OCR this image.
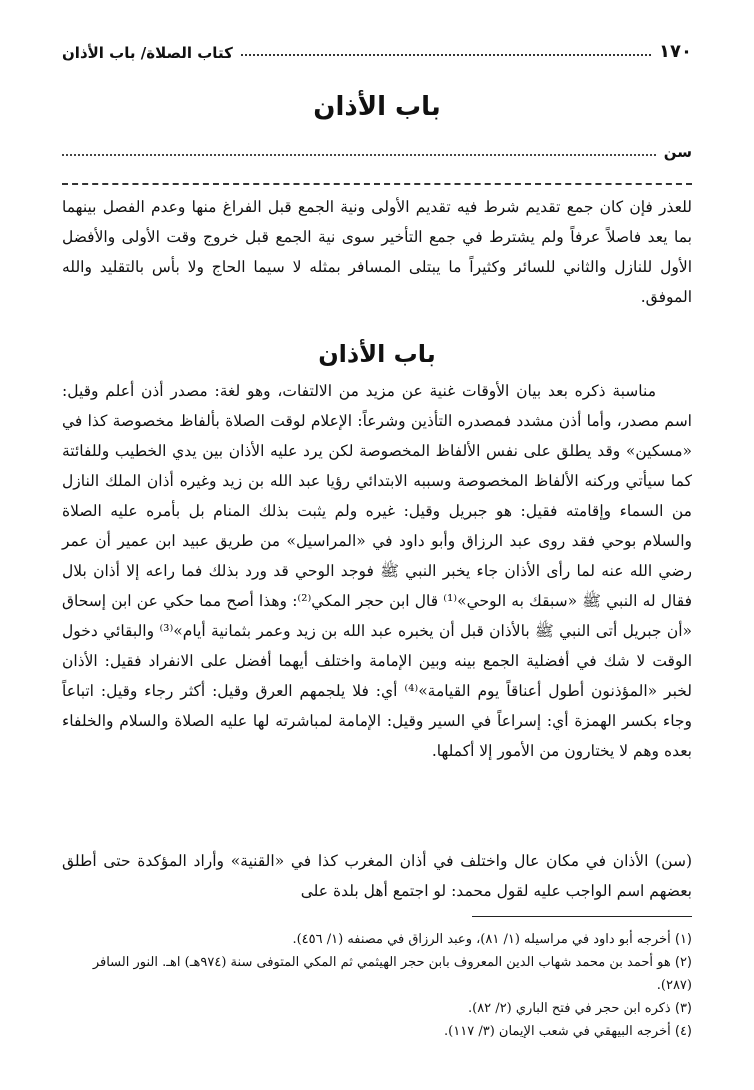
١٧٠
كتاب الصلاة/ باب الأذان
باب الأذان
سن
للعذر فإن كان جمع تقديم شرط فيه تقديم الأولى ونية الجمع قبل الفراغ منها وعدم الفصل بينهما بما يعد فاصلاً عرفاً ولم يشترط في جمع التأخير سوى نية الجمع قبل خروج وقت الأولى والأفضل الأول للنازل والثاني للسائر وكثيراً ما يبتلى المسافر بمثله لا سيما الحاج ولا بأس بالتقليد والله الموفق.
باب الأذان
مناسبة ذكره بعد بيان الأوقات غنية عن مزيد من الالتفات، وهو لغة: مصدر أذن أعلم وقيل: اسم مصدر، وأما أذن مشدد فمصدره التأذين وشرعاً: الإعلام لوقت الصلاة بألفاظ مخصوصة كذا في «مسكين» وقد يطلق على نفس الألفاظ المخصوصة لكن يرد عليه الأذان بين يدي الخطيب وللفائتة كما سيأتي وركنه الألفاظ المخصوصة وسببه الابتدائي رؤيا عبد الله بن زيد وغيره أذان الملك النازل من السماء وإقامته فقيل: هو جبريل وقيل: غيره ولم يثبت بذلك المنام بل بأمره عليه الصلاة والسلام بوحي فقد روى عبد الرزاق وأبو داود في «المراسيل» من طريق عبيد ابن عمير أن عمر رضي الله عنه لما رأى الأذان جاء يخبر النبي ﷺ فوجد الوحي قد ورد بذلك فما راعه إلا أذان بلال فقال له النبي ﷺ «سبقك به الوحي»⁽¹⁾ قال ابن حجر المكي⁽²⁾: وهذا أصح مما حكي عن ابن إسحاق «أن جبريل أتى النبي ﷺ بالأذان قبل أن يخبره عبد الله بن زيد وعمر بثمانية أيام»⁽³⁾ والبقائي دخول الوقت لا شك في أفضلية الجمع بينه وبين الإمامة واختلف أيهما أفضل على الانفراد فقيل: الأذان لخبر «المؤذنون أطول أعناقاً يوم القيامة»⁽⁴⁾ أي: فلا يلجمهم العرق وقيل: أكثر رجاء وقيل: اتباعاً وجاء بكسر الهمزة أي: إسراعاً في السير وقيل: الإمامة لمباشرته لها عليه الصلاة والسلام والخلفاء بعده وهم لا يختارون من الأمور إلا أكملها.
(سن) الأذان في مكان عال واختلف في أذان المغرب كذا في «القنية» وأراد المؤكدة حتى أطلق بعضهم اسم الواجب عليه لقول محمد: لو اجتمع أهل بلدة على
(١) أخرجه أبو داود في مراسيله (١/ ٨١)، وعبد الرزاق في مصنفه (١/ ٤٥٦).
(٢) هو أحمد بن محمد شهاب الدين المعروف بابن حجر الهيثمي ثم المكي المتوفى سنة (٩٧٤هـ) اهـ. النور السافر (٢٨٧).
(٣) ذكره ابن حجر في فتح الباري (٢/ ٨٢).
(٤) أخرجه البيهقي في شعب الإيمان (٣/ ١١٧).
